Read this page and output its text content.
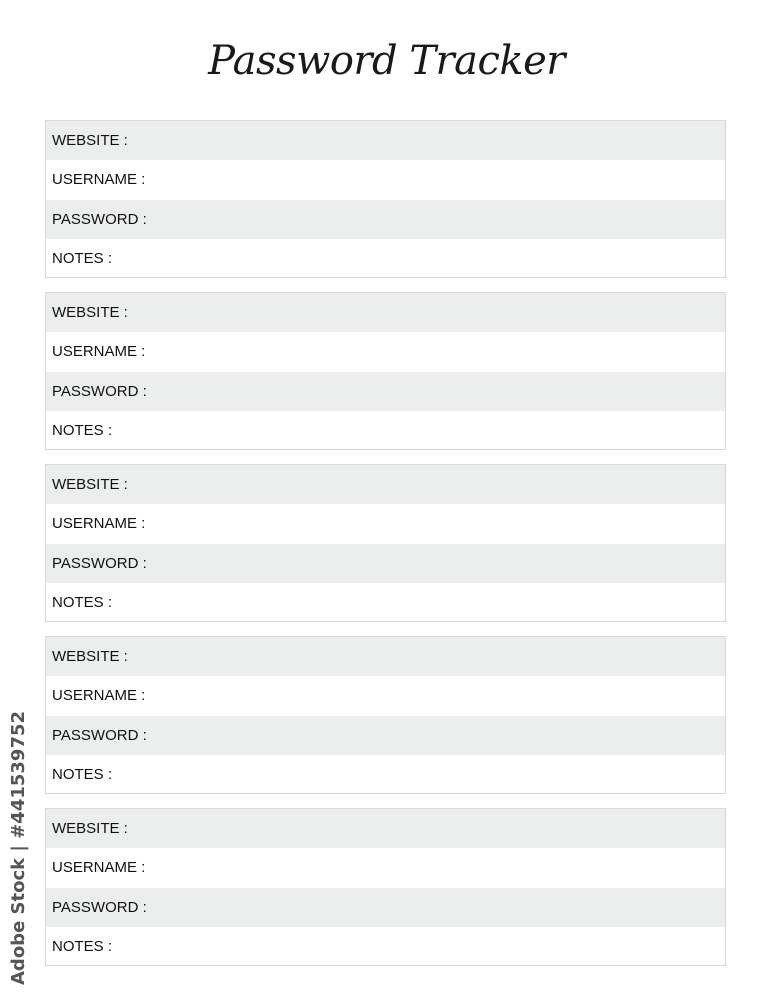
Password Tracker
WEBSITE :
USERNAME :
PASSWORD :
NOTES :
WEBSITE :
USERNAME :
PASSWORD :
NOTES :
WEBSITE :
USERNAME :
PASSWORD :
NOTES :
WEBSITE :
USERNAME :
PASSWORD :
NOTES :
WEBSITE :
USERNAME :
PASSWORD :
NOTES :
Adobe Stock | #441539752
